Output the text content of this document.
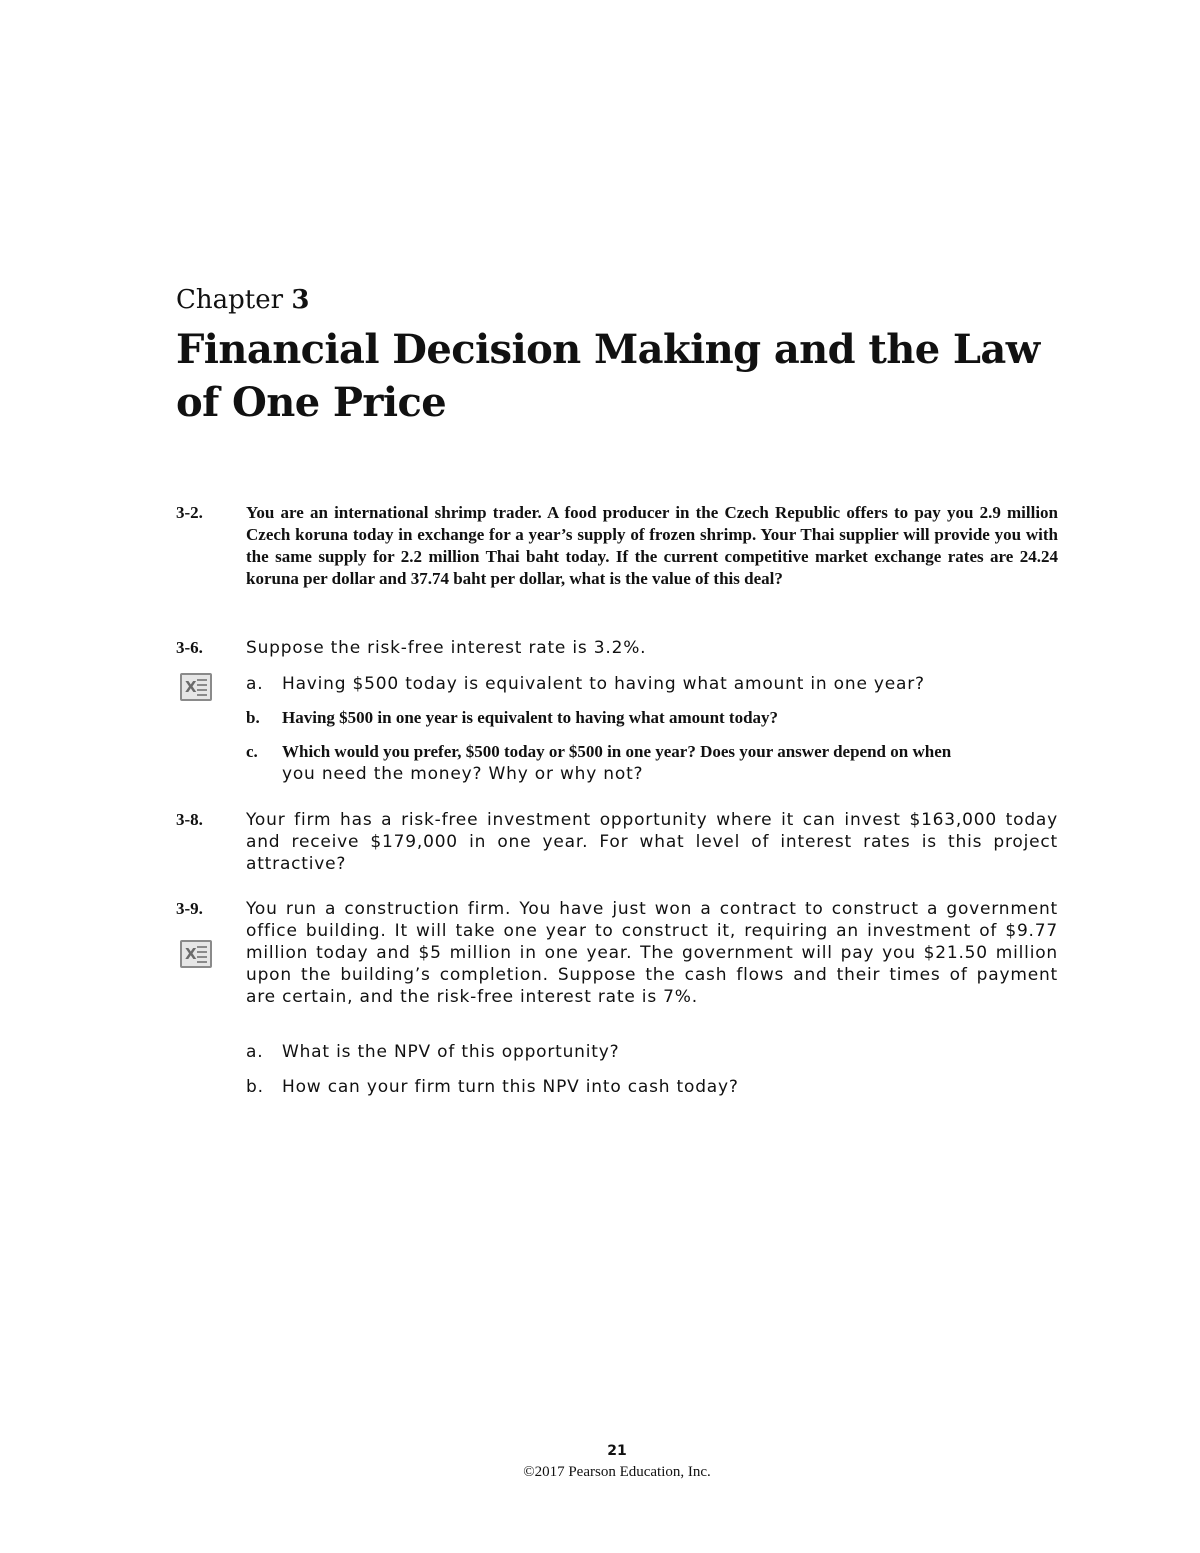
Chapter 3
Financial Decision Making and the Law of One Price
3-2.	You are an international shrimp trader. A food producer in the Czech Republic offers to pay you 2.9 million Czech koruna today in exchange for a year’s supply of frozen shrimp. Your Thai supplier will provide you with the same supply for 2.2 million Thai baht today. If the current competitive market exchange rates are 24.24 koruna per dollar and 37.74 baht per dollar, what is the value of this deal?
3-6.	Suppose the risk-free interest rate is 3.2%.
X	a. Having $500 today is equivalent to having what amount in one year?
b. Having $500 in one year is equivalent to having what amount today?
c. Which would you prefer, $500 today or $500 in one year? Does your answer depend on when
you need the money? Why or why not?
3-8.	Your firm has a risk-free investment opportunity where it can invest $163,000 today and receive $179,000 in one year. For what level of interest rates is this project attractive?
3-9.	You run a construction firm. You have just won a contract to construct a government office building. It will take one year to construct it, requiring an investment of $9.77 million today and $5 million in one year. The government will pay you $21.50 million upon the building’s completion. Suppose the cash flows and their times of payment are certain, and the risk-free interest rate is 7%.
X
a. What is the NPV of this opportunity?
b. How can your firm turn this NPV into cash today?
21
©2017 Pearson Education, Inc.
